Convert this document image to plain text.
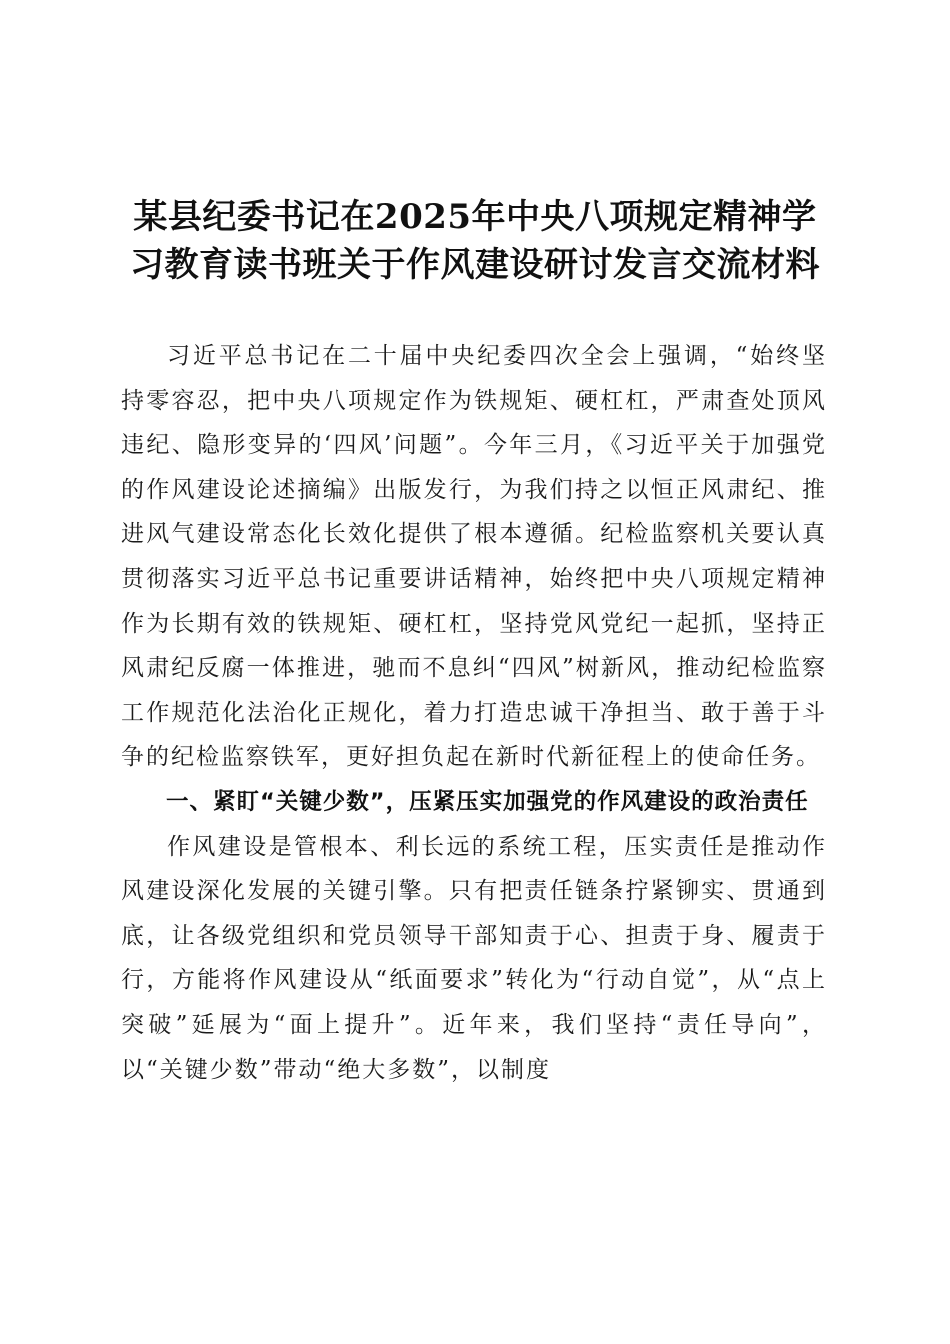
某县纪委书记在2025年中央八项规定精神学
习教育读书班关于作风建设研讨发言交流材料

习近平总书记在二十届中央纪委四次全会上强调，“始终坚持零容忍，把中央八项规定作为铁规矩、硬杠杠，严肃查处顶风违纪、隐形变异的‘四风’问题”。今年三月，《习近平关于加强党的作风建设论述摘编》出版发行，为我们持之以恒正风肃纪、推进风气建设常态化长效化提供了根本遵循。纪检监察机关要认真贯彻落实习近平总书记重要讲话精神，始终把中央八项规定精神作为长期有效的铁规矩、硬杠杠，坚持党风党纪一起抓，坚持正风肃纪反腐一体推进，驰而不息纠“四风”树新风，推动纪检监察工作规范化法治化正规化，着力打造忠诚干净担当、敢于善于斗争的纪检监察铁军，更好担负起在新时代新征程上的使命任务。

一、紧盯“关键少数”，压紧压实加强党的作风建设的政治责任

作风建设是管根本、利长远的系统工程，压实责任是推动作风建设深化发展的关键引擎。只有把责任链条拧紧铆实、贯通到底，让各级党组织和党员领导干部知责于心、担责于身、履责于行，方能将作风建设从“纸面要求”转化为“行动自觉”，从“点上突破”延展为“面上提升”。近年来，我们坚持“责任导向”，以“关键少数”带动“绝大多数”，以制度
